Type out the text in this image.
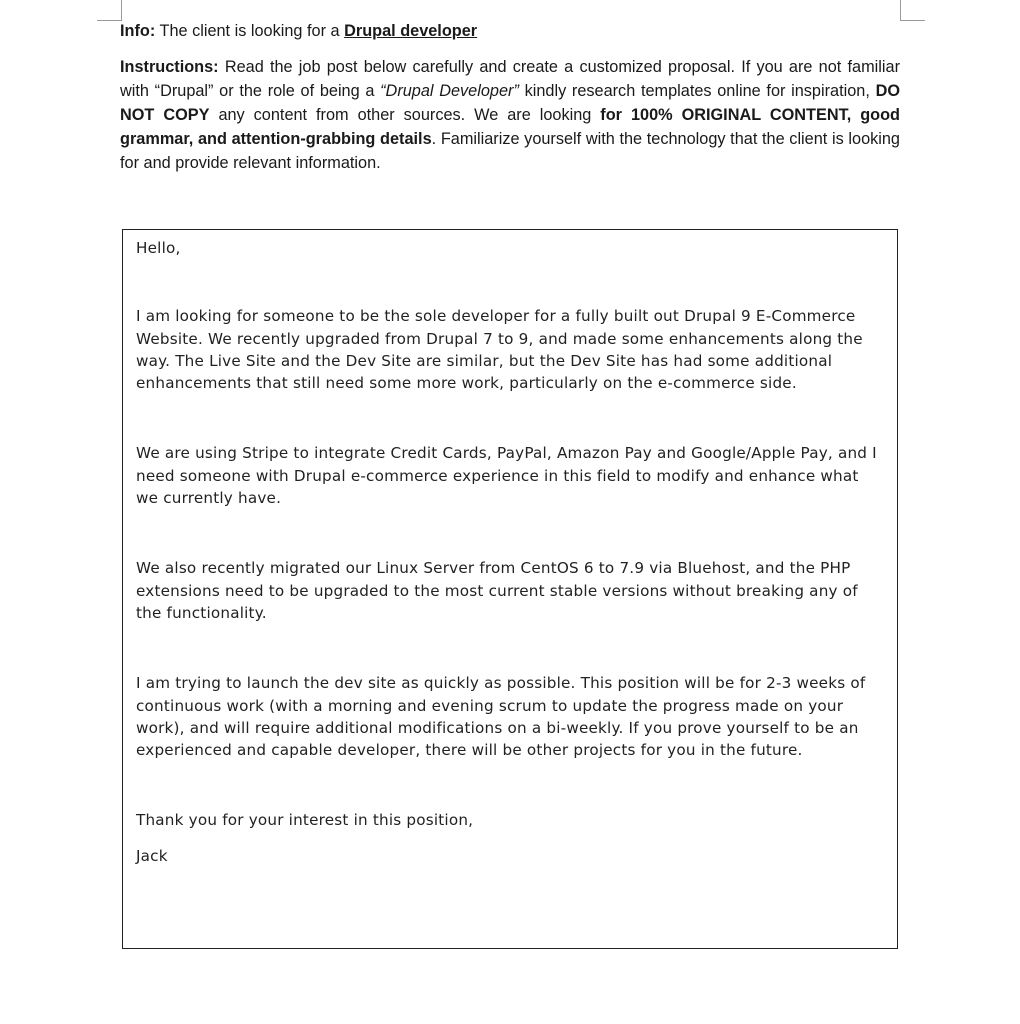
Info: The client is looking for a Drupal developer

Instructions: Read the job post below carefully and create a customized proposal. If you are not familiar with “Drupal” or the role of being a “Drupal Developer” kindly research templates online for inspiration, DO NOT COPY any content from other sources. We are looking for 100% ORIGINAL CONTENT, good grammar, and attention-grabbing details. Familiarize yourself with the technology that the client is looking for and provide relevant information.

Hello,

I am looking for someone to be the sole developer for a fully built out Drupal 9 E-Commerce Website. We recently upgraded from Drupal 7 to 9, and made some enhancements along the way. The Live Site and the Dev Site are similar, but the Dev Site has had some additional enhancements that still need some more work, particularly on the e-commerce side.

We are using Stripe to integrate Credit Cards, PayPal, Amazon Pay and Google/Apple Pay, and I need someone with Drupal e-commerce experience in this field to modify and enhance what we currently have.

We also recently migrated our Linux Server from CentOS 6 to 7.9 via Bluehost, and the PHP extensions need to be upgraded to the most current stable versions without breaking any of the functionality.

I am trying to launch the dev site as quickly as possible. This position will be for 2-3 weeks of continuous work (with a morning and evening scrum to update the progress made on your work), and will require additional modifications on a bi-weekly. If you prove yourself to be an experienced and capable developer, there will be other projects for you in the future.

Thank you for your interest in this position,

Jack
